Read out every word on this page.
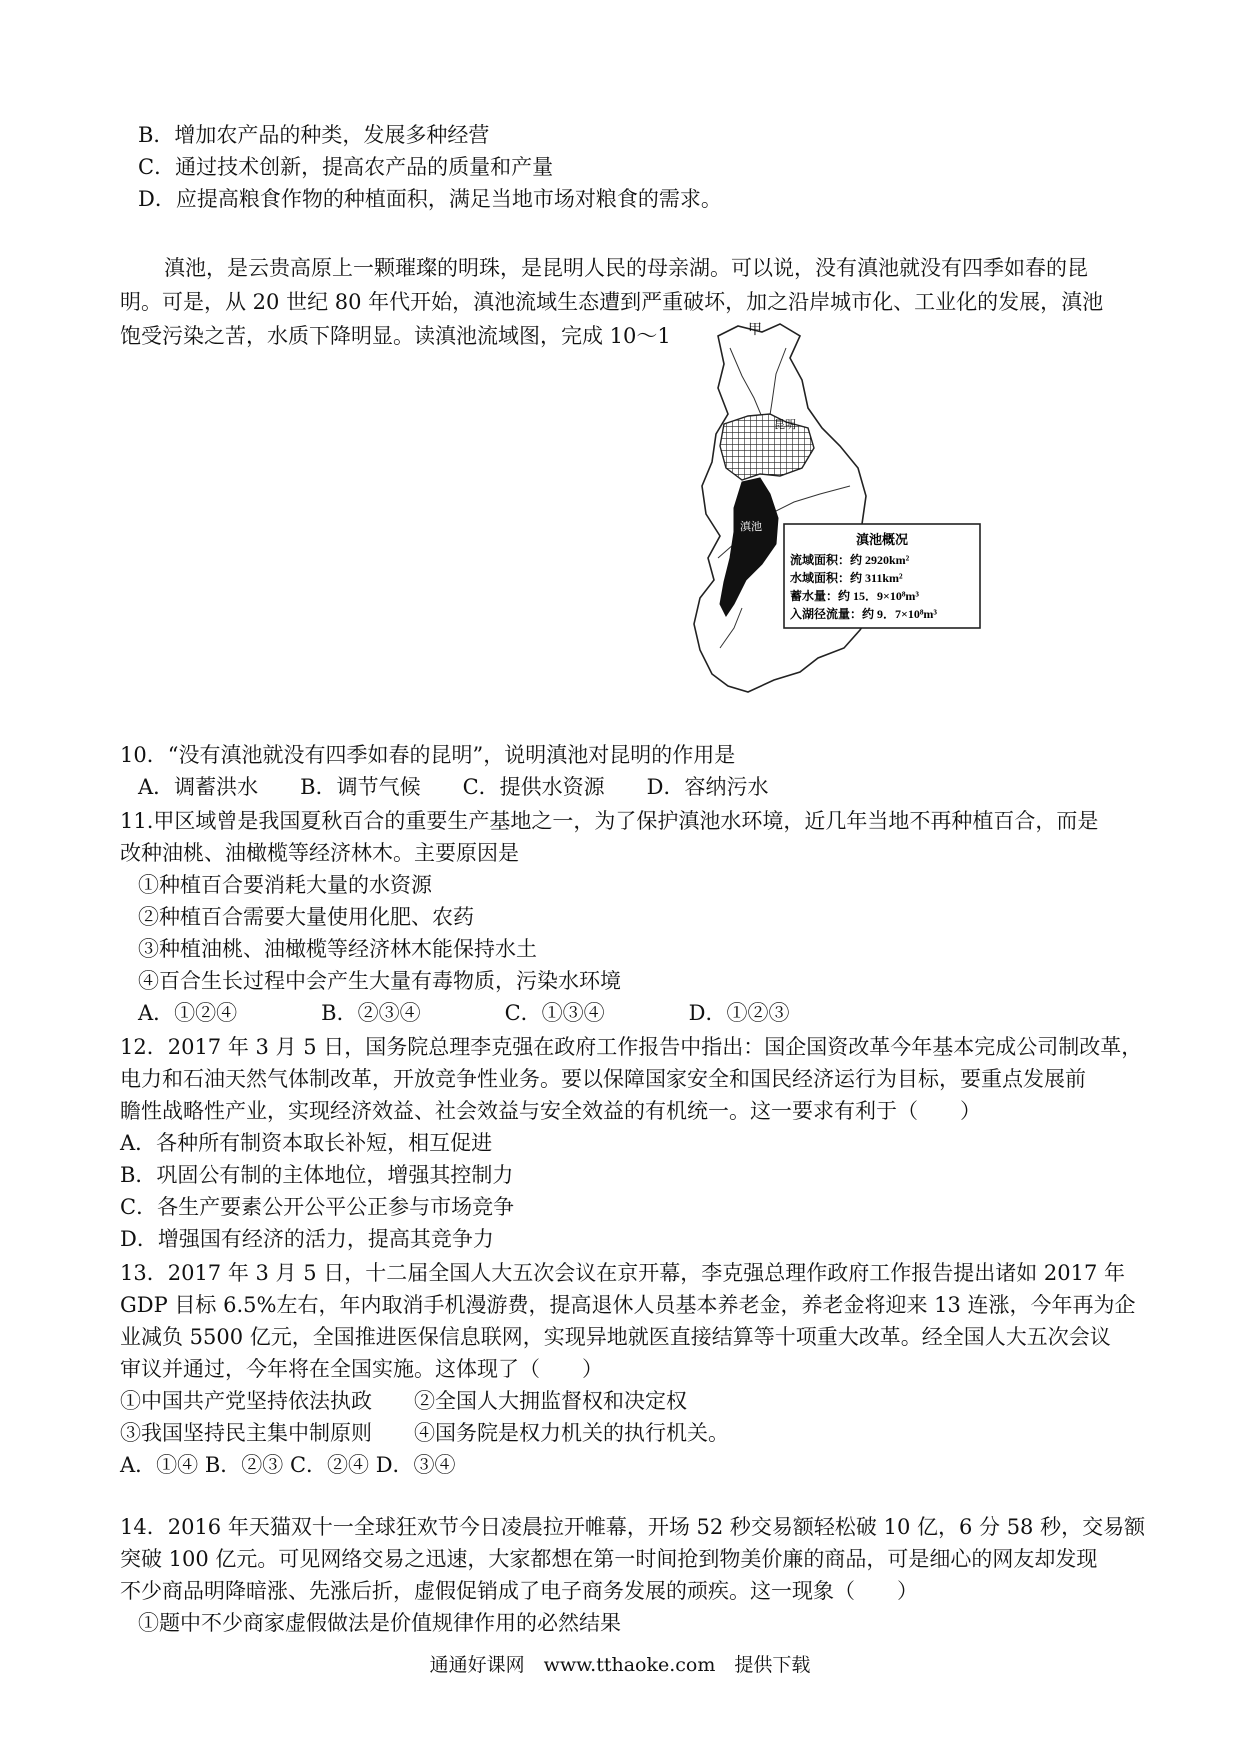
B．增加农产品的种类，发展多种经营
C．通过技术创新，提高农产品的质量和产量
D．应提高粮食作物的种植面积，满足当地市场对粮食的需求。
滇池，是云贵高原上一颗璀璨的明珠，是昆明人民的母亲湖。可以说，没有滇池就没有四季如春的昆
明。可是，从 20 世纪 80 年代开始，滇池流域生态遭到严重破坏，加之沿岸城市化、工业化的发展，滇池
饱受污染之苦，水质下降明显。读滇池流域图，完成 10～1	甲
昆明
滇池
滇池概况
流域面积：约 2920km²
水域面积：约 311km²
蓄水量：约 15．9×10⁸m³
入湖径流量：约 9．7×10⁸m³
10．“没有滇池就没有四季如春的昆明”，说明滇池对昆明的作用是
A．调蓄洪水　　B．调节气候　　C．提供水资源　　D．容纳污水
11.甲区域曾是我国夏秋百合的重要生产基地之一，为了保护滇池水环境，近几年当地不再种植百合，而是
改种油桃、油橄榄等经济林木。主要原因是
①种植百合要消耗大量的水资源
②种植百合需要大量使用化肥、农药
③种植油桃、油橄榄等经济林木能保持水土
④百合生长过程中会产生大量有毒物质，污染水环境
A．①②④　　　　B．②③④　　　　C．①③④　　　　D．①②③
12．2017 年 3 月 5 日，国务院总理李克强在政府工作报告中指出：国企国资改革今年基本完成公司制改革，
电力和石油天然气体制改革，开放竞争性业务。要以保障国家安全和国民经济运行为目标，要重点发展前
瞻性战略性产业，实现经济效益、社会效益与安全效益的有机统一。这一要求有利于（　　）
A．各种所有制资本取长补短，相互促进
B．巩固公有制的主体地位，增强其控制力
C．各生产要素公开公平公正参与市场竞争
D．增强国有经济的活力，提高其竞争力
13．2017 年 3 月 5 日，十二届全国人大五次会议在京开幕，李克强总理作政府工作报告提出诸如 2017 年
GDP 目标 6.5%左右，年内取消手机漫游费，提高退休人员基本养老金，养老金将迎来 13 连涨，今年再为企
业减负 5500 亿元，全国推进医保信息联网，实现异地就医直接结算等十项重大改革。经全国人大五次会议
审议并通过，今年将在全国实施。这体现了（　　）
①中国共产党坚持依法执政　　②全国人大拥监督权和决定权
③我国坚持民主集中制原则　　④国务院是权力机关的执行机关。
A．①④ B．②③ C．②④ D．③④
14．2016 年天猫双十一全球狂欢节今日凌晨拉开帷幕，开场 52 秒交易额轻松破 10 亿，6 分 58 秒，交易额
突破 100 亿元。可见网络交易之迅速，大家都想在第一时间抢到物美价廉的商品，可是细心的网友却发现
不少商品明降暗涨、先涨后折，虚假促销成了电子商务发展的顽疾。这一现象（　　）
①题中不少商家虚假做法是价值规律作用的必然结果
通通好课网　www.tthaoke.com　提供下载
